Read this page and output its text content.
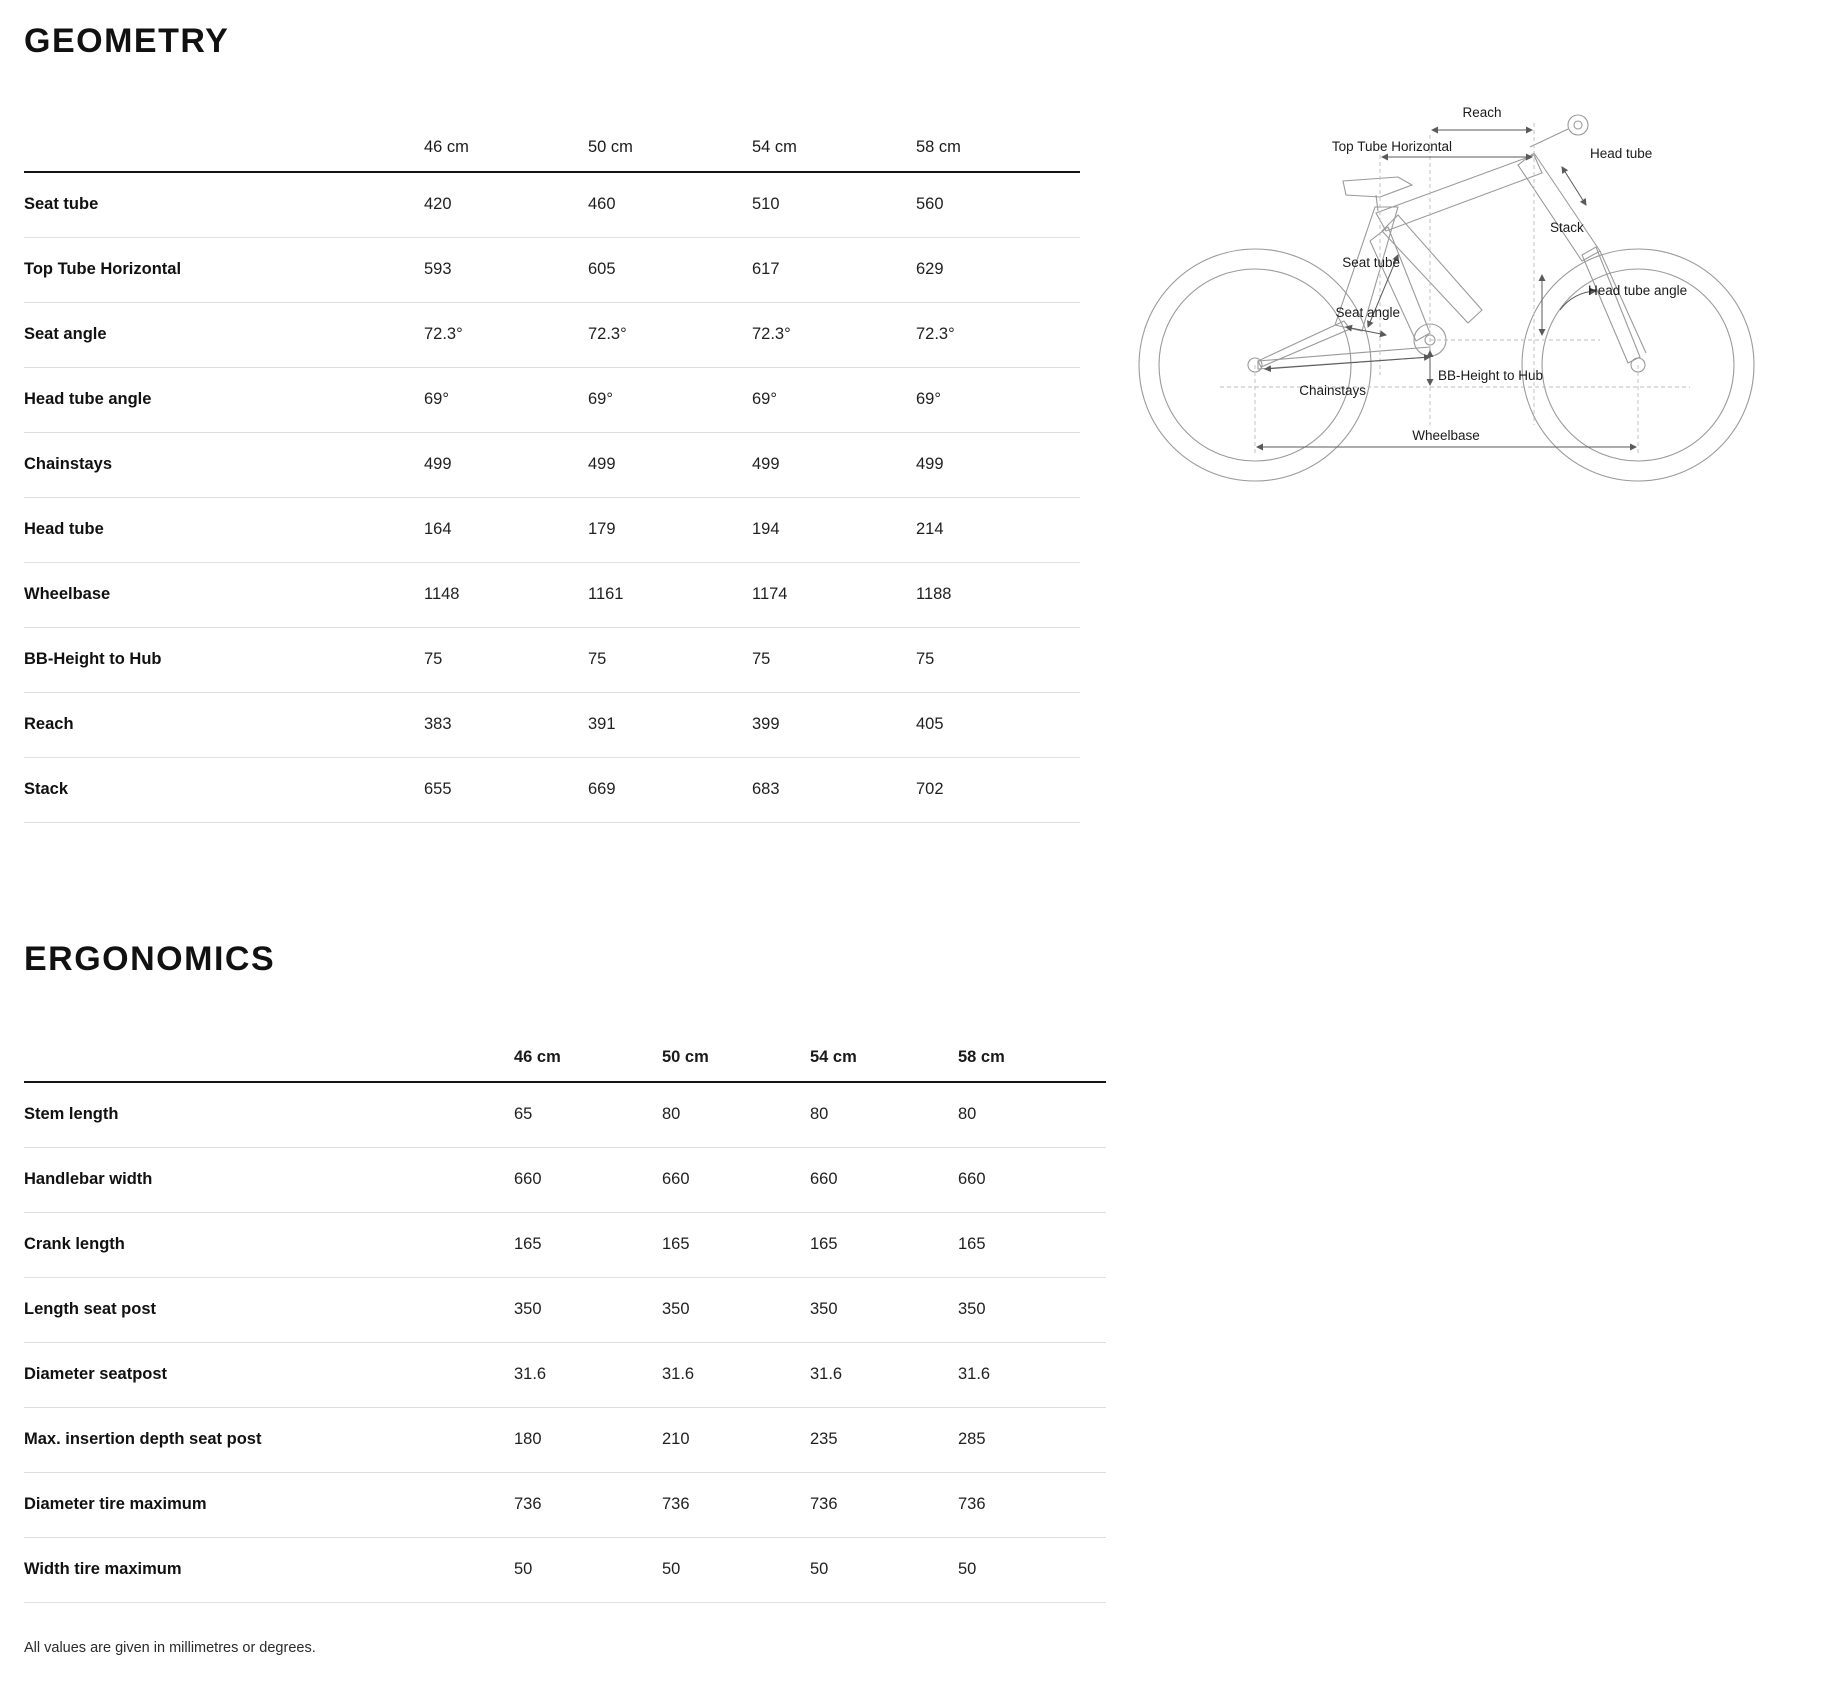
GEOMETRY
	46 cm	50 cm	54 cm	58 cm
Seat tube	420	460	510	560
Top Tube Horizontal	593	605	617	629
Seat angle	72.3°	72.3°	72.3°	72.3°
Head tube angle	69°	69°	69°	69°
Chainstays	499	499	499	499
Head tube	164	179	194	214
Wheelbase	1148	1161	1174	1188
BB-Height to Hub	75	75	75	75
Reach	383	391	399	405
Stack	655	669	683	702
ERGONOMICS
	46 cm	50 cm	54 cm	58 cm
Stem length	65	80	80	80
Handlebar width	660	660	660	660
Crank length	165	165	165	165
Length seat post	350	350	350	350
Diameter seatpost	31.6	31.6	31.6	31.6
Max. insertion depth seat post	180	210	235	285
Diameter tire maximum	736	736	736	736
Width tire maximum	50	50	50	50
All values are given in millimetres or degrees.
Reach
Top Tube Horizontal	Head tube
Stack
Seat tube
Seat angle
Head tube angle
BB-Height to Hub
Chainstays
Wheelbase
